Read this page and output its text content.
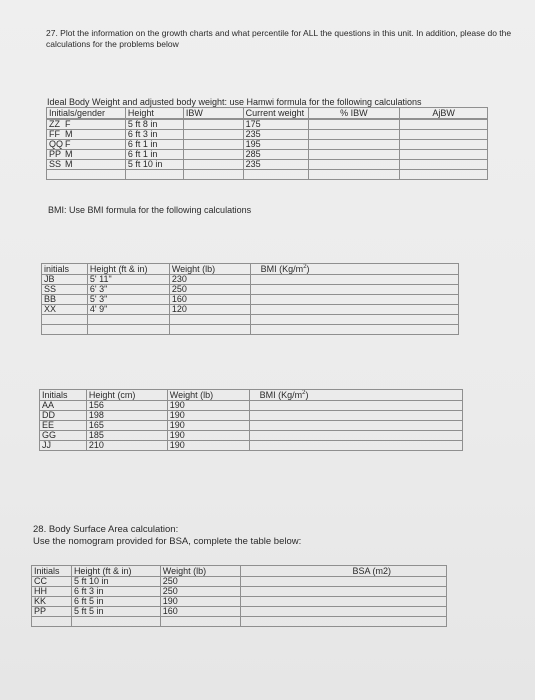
27. Plot the information on the growth charts and what percentile for ALL the questions in this unit. In addition, please do the calculations for the problems below
Ideal Body Weight and adjusted body weight: use Hamwi formula for the following calculations
Initials/gender	Height	IBW	Current weight	% IBW	AjBW

ZZ F	5 ft 8 in		175		
FF M	6 ft 3 in		235		
QQ F	6 ft 1 in		195		
PP M	6 ft 1 in		285		
SS M	5 ft 10 in		235		

BMI: Use BMI formula for the following calculations
initials	Height (ft & in)	Weight (lb)	BMI $(Kg/m^2)$
JB	5' 11"	230	
SS	6' 3"	250	
BB	5' 3"	160	
XX	4' 9"	120	

Initials	Height (cm)	Weight (lb)	BMI $(Kg/m^2)$
AA	156	190	
DD	198	190	
EE	165	190	
GG	185	190	
JJ	210	190	
28. Body Surface Area calculation:
Use the nomogram provided for BSA, complete the table below:
Initials	Height (ft & in)	Weight (lb)	BSA (m2)
CC	5 ft 10 in	250	
HH	6 ft 3 in	250	
KK	6 ft 5 in	190	
PP	5 ft 5 in	160	
